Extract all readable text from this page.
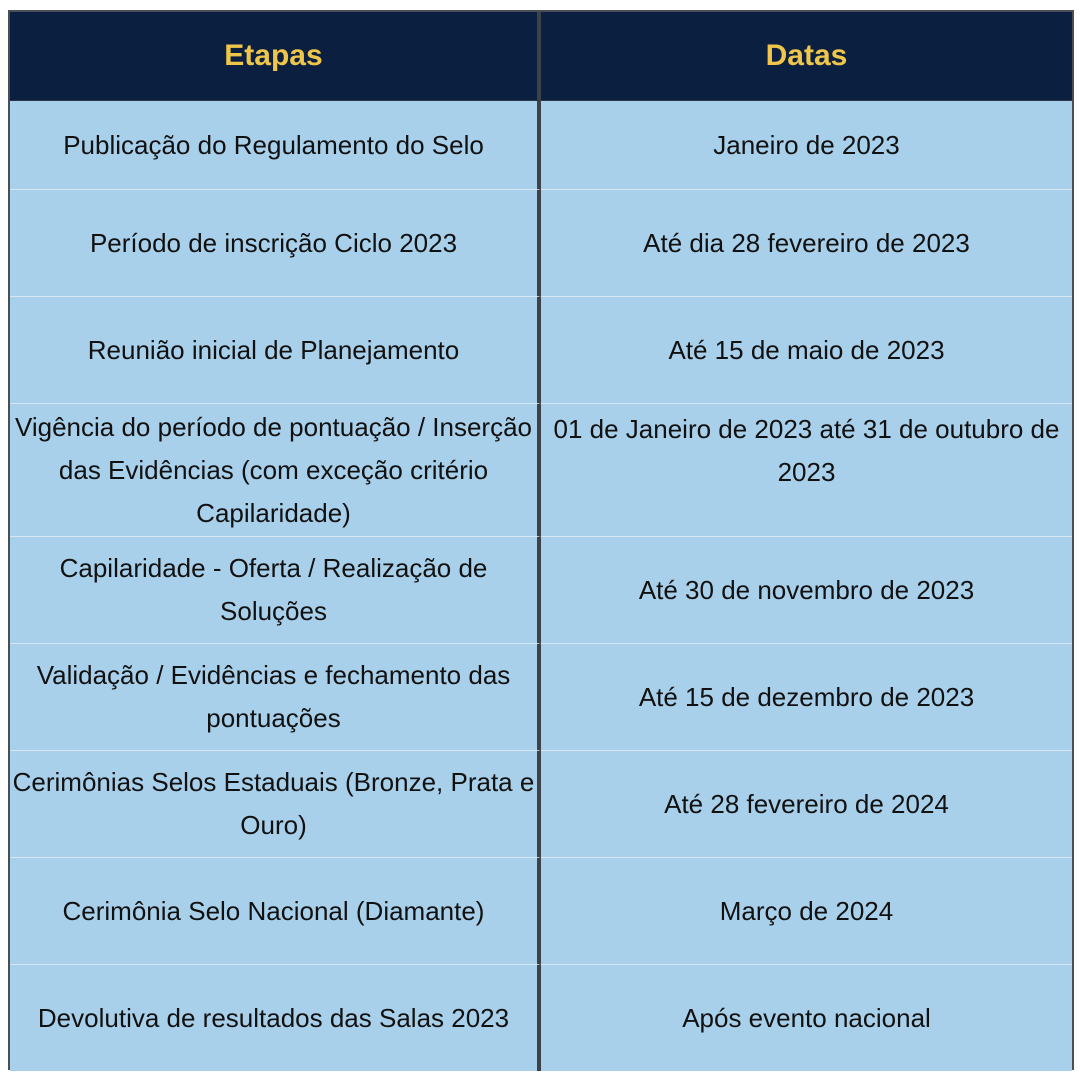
Etapas	Datas
Publicação do Regulamento do Selo	Janeiro de 2023
Período de inscrição Ciclo 2023	Até dia 28 fevereiro de 2023
Reunião inicial de Planejamento	Até 15 de maio de 2023
Vigência do período de pontuação / Inserção das Evidências (com exceção critério Capilaridade)	01 de Janeiro de 2023 até 31 de outubro de 2023
Capilaridade - Oferta / Realização de Soluções	Até 30 de novembro de 2023
Validação / Evidências e fechamento das pontuações	Até 15 de dezembro de 2023
Cerimônias Selos Estaduais (Bronze, Prata e Ouro)	Até 28 fevereiro de 2024
Cerimônia Selo Nacional (Diamante)	Março de 2024
Devolutiva de resultados das Salas 2023	Após evento nacional
